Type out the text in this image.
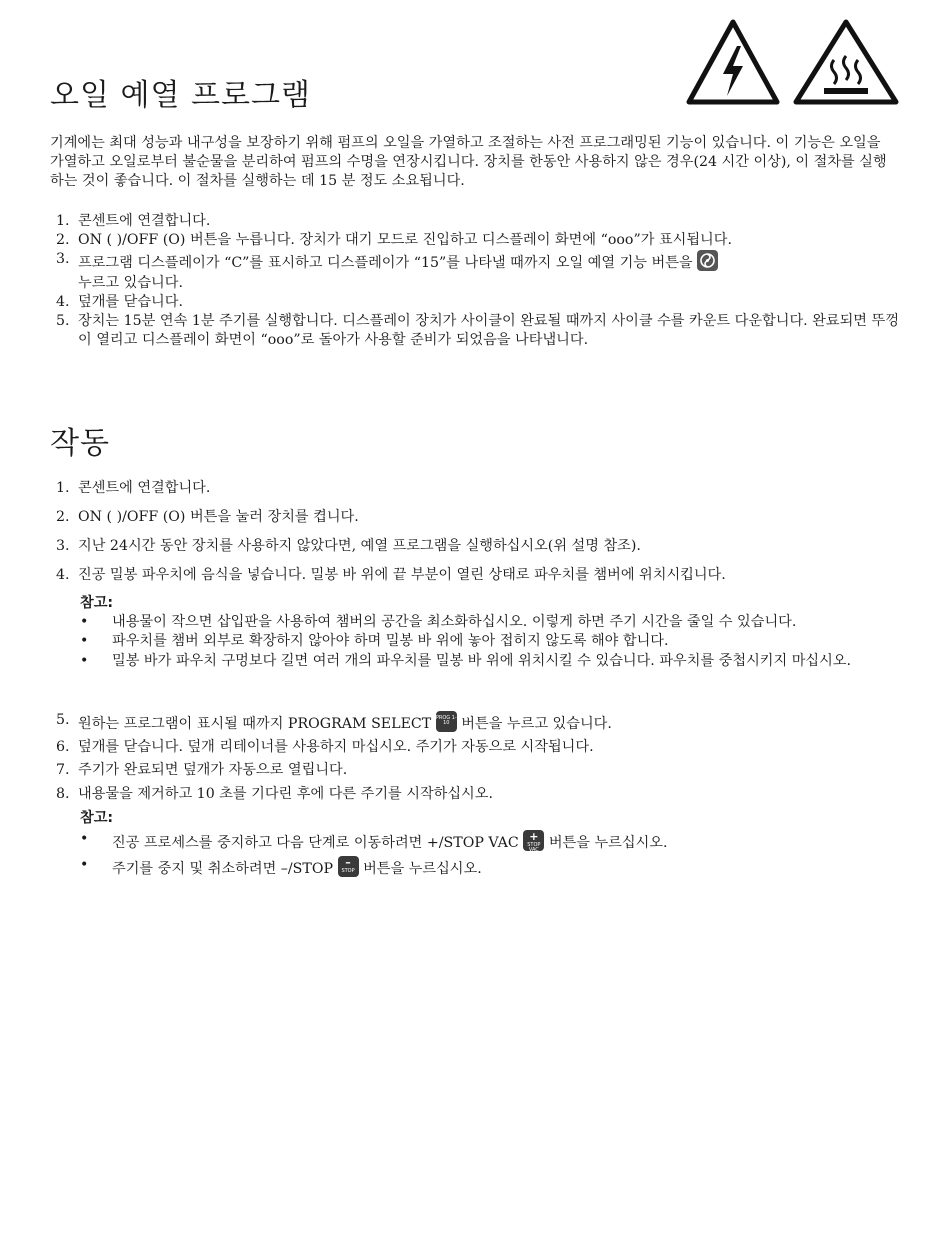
오일 예열 프로그램

기계에는 최대 성능과 내구성을 보장하기 위해 펌프의 오일을 가열하고 조절하는 사전 프로그래밍된 기능이 있습니다. 이 기능은 오일을 가열하고 오일로부터 불순물을 분리하여 펌프의 수명을 연장시킵니다. 장치를 한동안 사용하지 않은 경우(24 시간 이상), 이 절차를 실행하는 것이 좋습니다. 이 절차를 실행하는 데 15 분 정도 소요됩니다.

1. 콘센트에 연결합니다.
2. ON ( )/OFF (O) 버튼을 누릅니다. 장치가 대기 모드로 진입하고 디스플레이 화면에 “ooo”가 표시됩니다.
3. 프로그램 디스플레이가 “C”를 표시하고 디스플레이가 “15”를 나타낼 때까지 오일 예열 기능 버튼을
누르고 있습니다.
4. 덮개를 닫습니다.
5. 장치는 15분 연속 1분 주기를 실행합니다. 디스플레이 장치가 사이클이 완료될 때까지 사이클 수를 카운트 다운합니다. 완료되면 뚜껑이 열리고 디스플레이 화면이 “ooo”로 돌아가 사용할 준비가 되었음을 나타냅니다.
작동
1. 콘센트에 연결합니다.
2. ON ( )/OFF (O) 버튼을 눌러 장치를 켭니다.
3. 지난 24시간 동안 장치를 사용하지 않았다면, 예열 프로그램을 실행하십시오(위 설명 참조).
4. 진공 밀봉 파우치에 음식을 넣습니다. 밀봉 바 위에 끝 부분이 열린 상태로 파우치를 챔버에 위치시킵니다.
참고:
• 내용물이 작으면 삽입판을 사용하여 챔버의 공간을 최소화하십시오. 이렇게 하면 주기 시간을 줄일 수 있습니다.
• 파우치를 챔버 외부로 확장하지 않아야 하며 밀봉 바 위에 놓아 접히지 않도록 해야 합니다.
• 밀봉 바가 파우치 구멍보다 길면 여러 개의 파우치를 밀봉 바 위에 위치시킬 수 있습니다. 파우치를 중첩시키지 마십시오.
5. 원하는 프로그램이 표시될 때까지 PROGRAM SELECT PROG 1-10 버튼을 누르고 있습니다.
6. 덮개를 닫습니다. 덮개 리테이너를 사용하지 마십시오. 주기가 자동으로 시작됩니다.
7. 주기가 완료되면 덮개가 자동으로 열립니다.
8. 내용물을 제거하고 10 초를 기다린 후에 다른 주기를 시작하십시오.
참고:
• 진공 프로세스를 중지하고 다음 단계로 이동하려면 +/STOP VAC +
STOP VAC 버튼을 누르십시오.
• 주기를 중지 및 취소하려면 –/STOP	–
STOP 버튼을 누르십시오.
